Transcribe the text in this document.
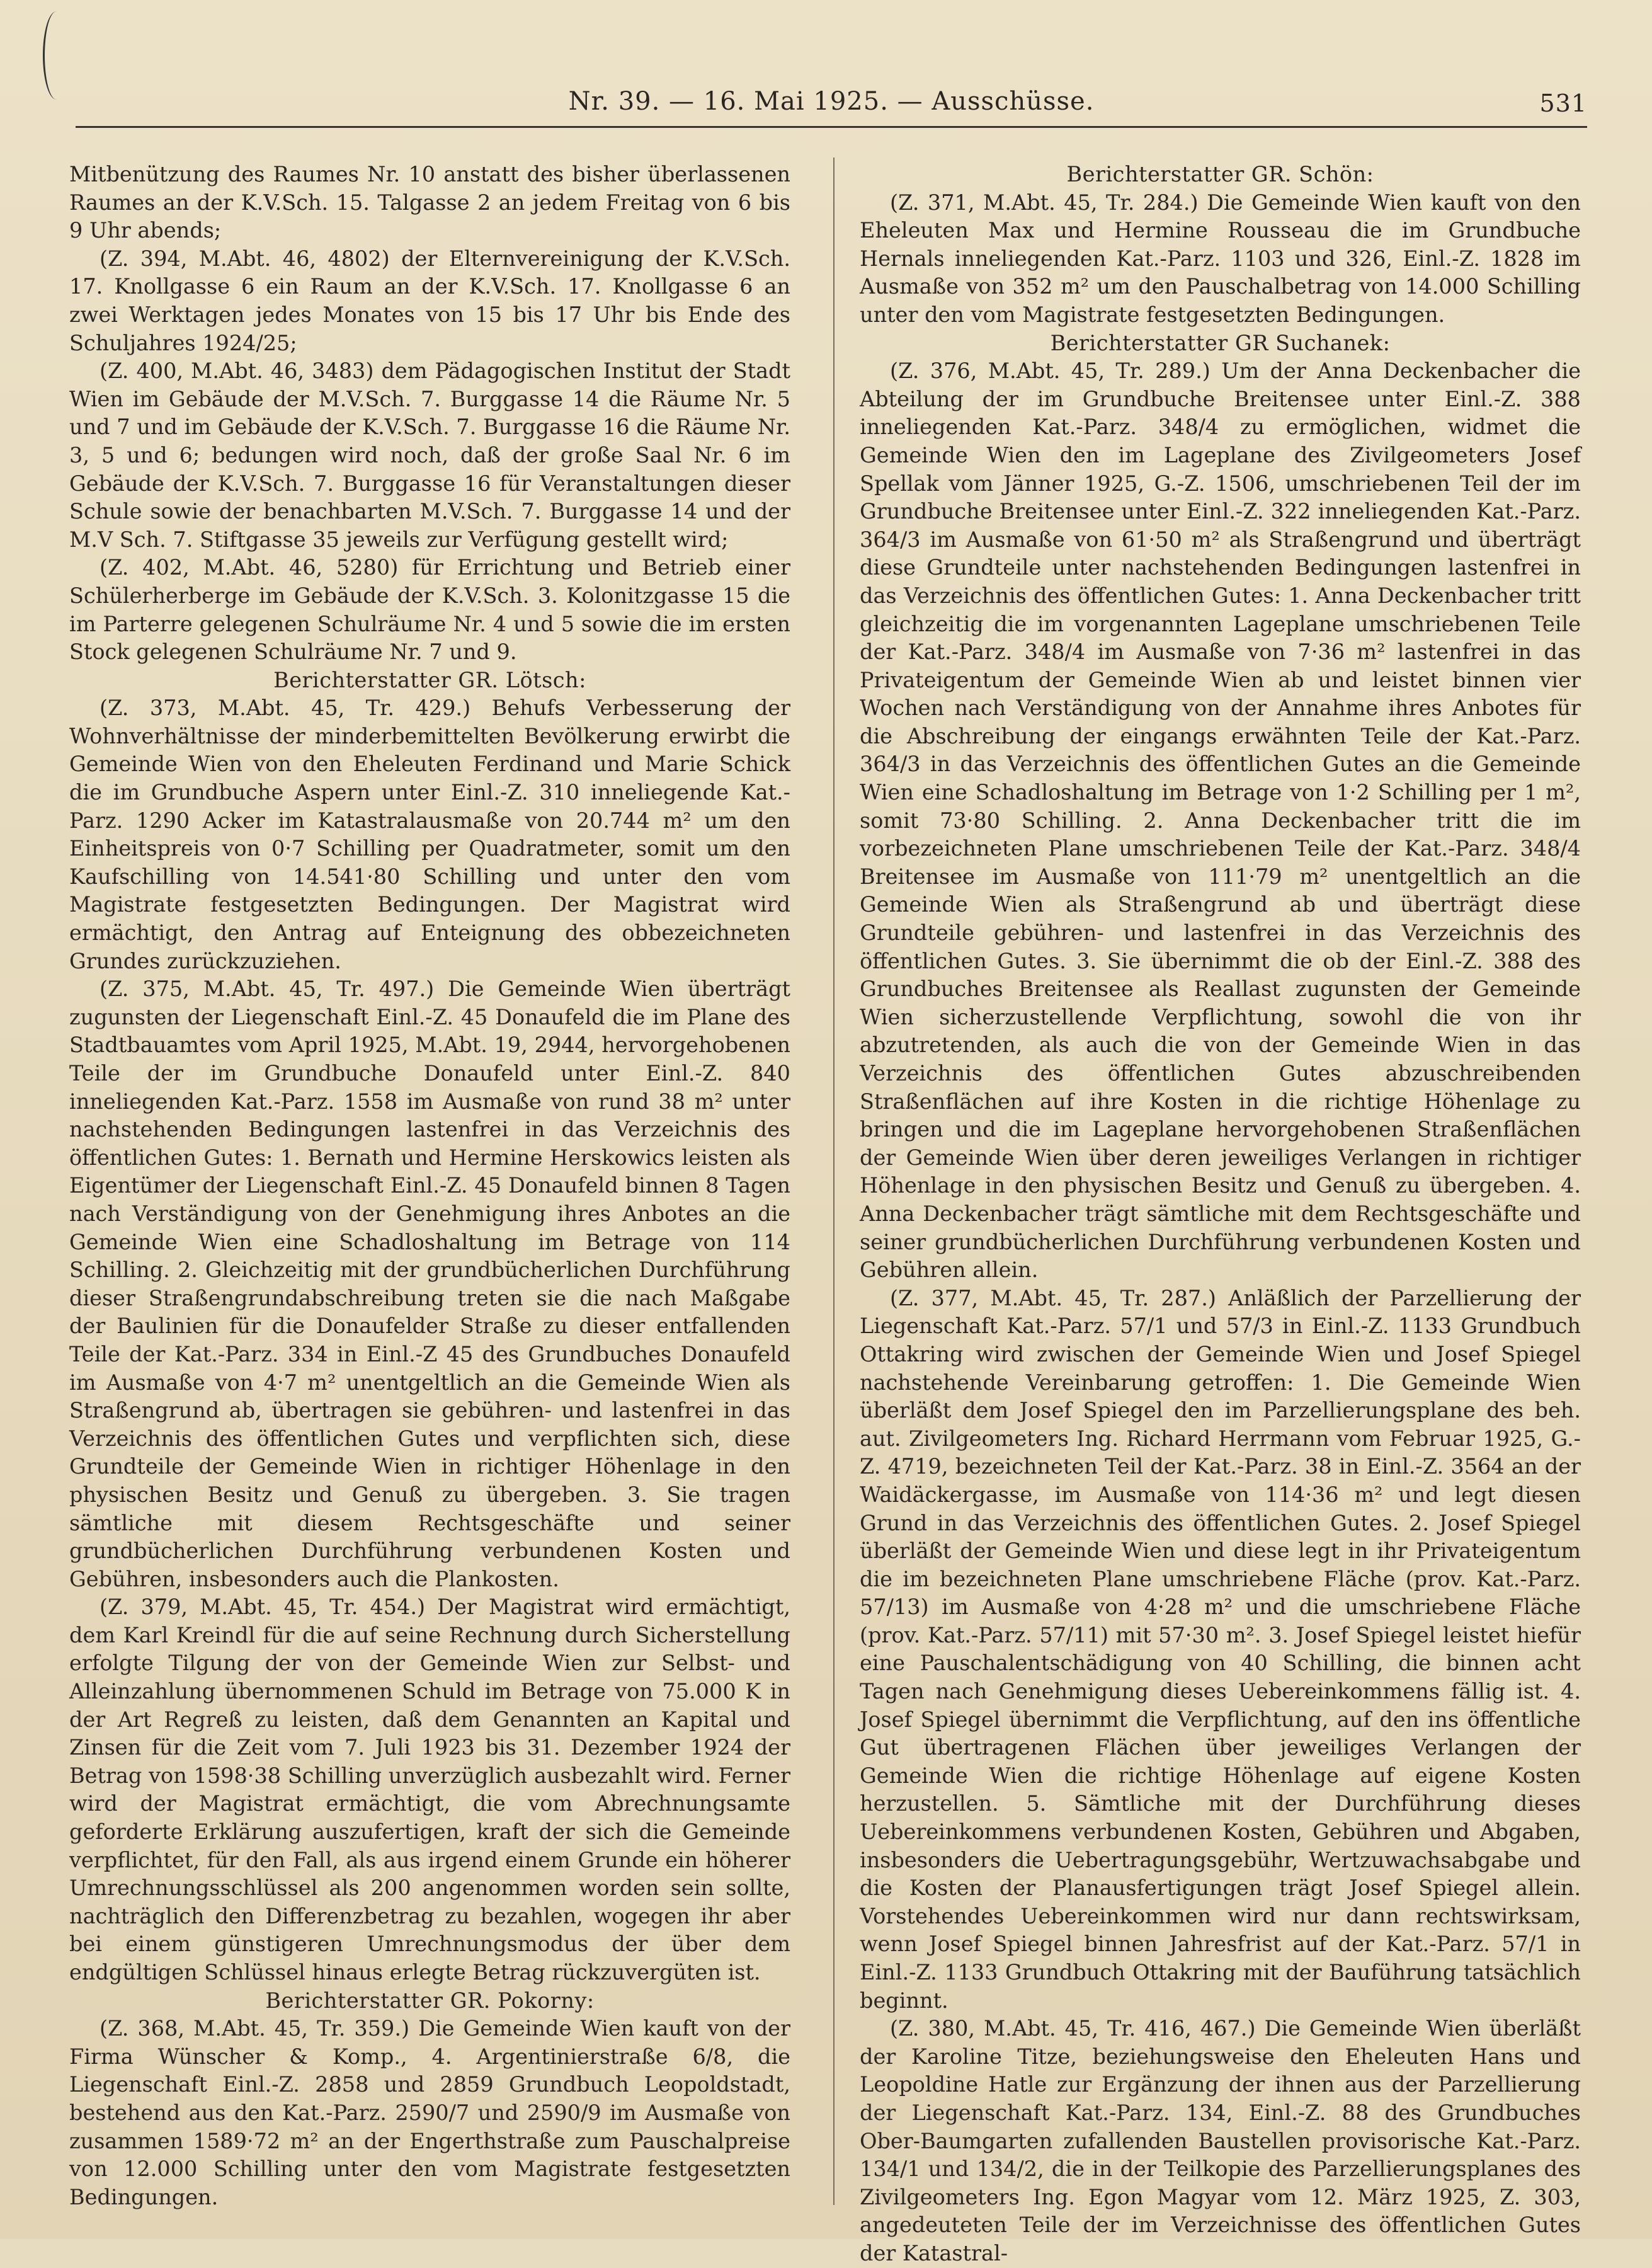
Nr. 39. — 16. Mai 1925. — Ausschüsse.	531

Mitbenützung des Raumes Nr. 10 anstatt des bisher überlassenen Raumes an der K.V.Sch. 15. Talgasse 2 an jedem Freitag von 6 bis 9 Uhr abends;

(Z. 394, M.Abt. 46, 4802) der Elternvereinigung der K.V.Sch. 17. Knollgasse 6 ein Raum an der K.V.Sch. 17. Knollgasse 6 an zwei Werktagen jedes Monates von 15 bis 17 Uhr bis Ende des Schuljahres 1924/25;

(Z. 400, M.Abt. 46, 3483) dem Pädagogischen Institut der Stadt Wien im Gebäude der M.V.Sch. 7. Burggasse 14 die Räume Nr. 5 und 7 und im Gebäude der K.V.Sch. 7. Burggasse 16 die Räume Nr. 3, 5 und 6; bedungen wird noch, daß der große Saal Nr. 6 im Gebäude der K.V.Sch. 7. Burggasse 16 für Veranstaltungen dieser Schule sowie der benachbarten M.V.Sch. 7. Burggasse 14 und der M.V Sch. 7. Stiftgasse 35 jeweils zur Verfügung gestellt wird;

(Z. 402, M.Abt. 46, 5280) für Errichtung und Betrieb einer Schülerherberge im Gebäude der K.V.Sch. 3. Kolonitzgasse 15 die im Parterre gelegenen Schulräume Nr. 4 und 5 sowie die im ersten Stock gelegenen Schulräume Nr. 7 und 9.

Berichterstatter GR. Lötsch:

(Z. 373, M.Abt. 45, Tr. 429.) Behufs Verbesserung der Wohnverhältnisse der minderbemittelten Bevölkerung erwirbt die Gemeinde Wien von den Eheleuten Ferdinand und Marie Schick die im Grundbuche Aspern unter Einl.-Z. 310 inneliegende Kat.-Parz. 1290 Acker im Katastralausmaße von 20.744 m² um den Einheitspreis von 0·7 Schilling per Quadratmeter, somit um den Kaufschilling von 14.541·80 Schilling und unter den vom Magistrate festgesetzten Bedingungen. Der Magistrat wird ermächtigt, den Antrag auf Enteignung des obbezeichneten Grundes zurückzuziehen.

(Z. 375, M.Abt. 45, Tr. 497.) Die Gemeinde Wien überträgt zugunsten der Liegenschaft Einl.-Z. 45 Donaufeld die im Plane des Stadtbauamtes vom April 1925, M.Abt. 19, 2944, hervorgehobenen Teile der im Grundbuche Donaufeld unter Einl.-Z. 840 inneliegenden Kat.-Parz. 1558 im Ausmaße von rund 38 m² unter nachstehenden Bedingungen lastenfrei in das Verzeichnis des öffentlichen Gutes: 1. Bernath und Hermine Herskowics leisten als Eigentümer der Liegenschaft Einl.-Z. 45 Donaufeld binnen 8 Tagen nach Verständigung von der Genehmigung ihres Anbotes an die Gemeinde Wien eine Schadloshaltung im Betrage von 114 Schilling. 2. Gleichzeitig mit der grundbücherlichen Durchführung dieser Straßengrundabschreibung treten sie die nach Maßgabe der Baulinien für die Donaufelder Straße zu dieser entfallenden Teile der Kat.-Parz. 334 in Einl.-Z 45 des Grundbuches Donaufeld im Ausmaße von 4·7 m² unentgeltlich an die Gemeinde Wien als Straßengrund ab, übertragen sie gebühren- und lastenfrei in das Verzeichnis des öffentlichen Gutes und verpflichten sich, diese Grundteile der Gemeinde Wien in richtiger Höhenlage in den physischen Besitz und Genuß zu übergeben. 3. Sie tragen sämtliche mit diesem Rechtsgeschäfte und seiner grundbücherlichen Durchführung verbundenen Kosten und Gebühren, insbesonders auch die Plankosten.

(Z. 379, M.Abt. 45, Tr. 454.) Der Magistrat wird ermächtigt, dem Karl Kreindl für die auf seine Rechnung durch Sicherstellung erfolgte Tilgung der von der Gemeinde Wien zur Selbst- und Alleinzahlung übernommenen Schuld im Betrage von 75.000 K in der Art Regreß zu leisten, daß dem Genannten an Kapital und Zinsen für die Zeit vom 7. Juli 1923 bis 31. Dezember 1924 der Betrag von 1598·38 Schilling unverzüglich ausbezahlt wird. Ferner wird der Magistrat ermächtigt, die vom Abrechnungsamte geforderte Erklärung auszufertigen, kraft der sich die Gemeinde verpflichtet, für den Fall, als aus irgend einem Grunde ein höherer Umrechnungsschlüssel als 200 angenommen worden sein sollte, nachträglich den Differenzbetrag zu bezahlen, wogegen ihr aber bei einem günstigeren Umrechnungsmodus der über dem endgültigen Schlüssel hinaus erlegte Betrag rückzuvergüten ist.

Berichterstatter GR. Pokorny:

(Z. 368, M.Abt. 45, Tr. 359.) Die Gemeinde Wien kauft von der Firma Wünscher & Komp., 4. Argentinierstraße 6/8, die Liegenschaft Einl.-Z. 2858 und 2859 Grundbuch Leopoldstadt, bestehend aus den Kat.-Parz. 2590/7 und 2590/9 im Ausmaße von zusammen 1589·72 m² an der Engerthstraße zum Pauschalpreise von 12.000 Schilling unter den vom Magistrate festgesetzten Bedingungen.

Berichterstatter GR. Schön:

(Z. 371, M.Abt. 45, Tr. 284.) Die Gemeinde Wien kauft von den Eheleuten Max und Hermine Rousseau die im Grundbuche Hernals inneliegenden Kat.-Parz. 1103 und 326, Einl.-Z. 1828 im Ausmaße von 352 m² um den Pauschalbetrag von 14.000 Schilling unter den vom Magistrate festgesetzten Bedingungen.

Berichterstatter GR Suchanek:

(Z. 376, M.Abt. 45, Tr. 289.) Um der Anna Deckenbacher die Abteilung der im Grundbuche Breitensee unter Einl.-Z. 388 inneliegenden Kat.-Parz. 348/4 zu ermöglichen, widmet die Gemeinde Wien den im Lageplane des Zivilgeometers Josef Spellak vom Jänner 1925, G.-Z. 1506, umschriebenen Teil der im Grundbuche Breitensee unter Einl.-Z. 322 inneliegenden Kat.-Parz. 364/3 im Ausmaße von 61·50 m² als Straßengrund und überträgt diese Grundteile unter nachstehenden Bedingungen lastenfrei in das Verzeichnis des öffentlichen Gutes: 1. Anna Deckenbacher tritt gleichzeitig die im vorgenannten Lageplane umschriebenen Teile der Kat.-Parz. 348/4 im Ausmaße von 7·36 m² lastenfrei in das Privateigentum der Gemeinde Wien ab und leistet binnen vier Wochen nach Verständigung von der Annahme ihres Anbotes für die Abschreibung der eingangs erwähnten Teile der Kat.-Parz. 364/3 in das Verzeichnis des öffentlichen Gutes an die Gemeinde Wien eine Schadloshaltung im Betrage von 1·2 Schilling per 1 m², somit 73·80 Schilling. 2. Anna Deckenbacher tritt die im vorbezeichneten Plane umschriebenen Teile der Kat.-Parz. 348/4 Breitensee im Ausmaße von 111·79 m² unentgeltlich an die Gemeinde Wien als Straßengrund ab und überträgt diese Grundteile gebühren- und lastenfrei in das Verzeichnis des öffentlichen Gutes. 3. Sie übernimmt die ob der Einl.-Z. 388 des Grundbuches Breitensee als Reallast zugunsten der Gemeinde Wien sicherzustellende Verpflichtung, sowohl die von ihr abzutretenden, als auch die von der Gemeinde Wien in das Verzeichnis des öffentlichen Gutes abzuschreibenden Straßenflächen auf ihre Kosten in die richtige Höhenlage zu bringen und die im Lageplane hervorgehobenen Straßenflächen der Gemeinde Wien über deren jeweiliges Verlangen in richtiger Höhenlage in den physischen Besitz und Genuß zu übergeben. 4. Anna Deckenbacher trägt sämtliche mit dem Rechtsgeschäfte und seiner grundbücherlichen Durchführung verbundenen Kosten und Gebühren allein.

(Z. 377, M.Abt. 45, Tr. 287.) Anläßlich der Parzellierung der Liegenschaft Kat.-Parz. 57/1 und 57/3 in Einl.-Z. 1133 Grundbuch Ottakring wird zwischen der Gemeinde Wien und Josef Spiegel nachstehende Vereinbarung getroffen: 1. Die Gemeinde Wien überläßt dem Josef Spiegel den im Parzellierungsplane des beh. aut. Zivilgeometers Ing. Richard Herrmann vom Februar 1925, G.-Z. 4719, bezeichneten Teil der Kat.-Parz. 38 in Einl.-Z. 3564 an der Waidäckergasse, im Ausmaße von 114·36 m² und legt diesen Grund in das Verzeichnis des öffentlichen Gutes. 2. Josef Spiegel überläßt der Gemeinde Wien und diese legt in ihr Privateigentum die im bezeichneten Plane umschriebene Fläche (prov. Kat.-Parz. 57/13) im Ausmaße von 4·28 m² und die umschriebene Fläche (prov. Kat.-Parz. 57/11) mit 57·30 m². 3. Josef Spiegel leistet hiefür eine Pauschalentschädigung von 40 Schilling, die binnen acht Tagen nach Genehmigung dieses Uebereinkommens fällig ist. 4. Josef Spiegel übernimmt die Verpflichtung, auf den ins öffentliche Gut übertragenen Flächen über jeweiliges Verlangen der Gemeinde Wien die richtige Höhenlage auf eigene Kosten herzustellen. 5. Sämtliche mit der Durchführung dieses Uebereinkommens verbundenen Kosten, Gebühren und Abgaben, insbesonders die Uebertragungsgebühr, Wertzuwachsabgabe und die Kosten der Planausfertigungen trägt Josef Spiegel allein. Vorstehendes Uebereinkommen wird nur dann rechtswirksam, wenn Josef Spiegel binnen Jahresfrist auf der Kat.-Parz. 57/1 in Einl.-Z. 1133 Grundbuch Ottakring mit der Bauführung tatsächlich beginnt.

(Z. 380, M.Abt. 45, Tr. 416, 467.) Die Gemeinde Wien überläßt der Karoline Titze, beziehungsweise den Eheleuten Hans und Leopoldine Hatle zur Ergänzung der ihnen aus der Parzellierung der Liegenschaft Kat.-Parz. 134, Einl.-Z. 88 des Grundbuches Ober-Baumgarten zufallenden Baustellen provisorische Kat.-Parz. 134/1 und 134/2, die in der Teilkopie des Parzellierungsplanes des Zivilgeometers Ing. Egon Magyar vom 12. März 1925, Z. 303, angedeuteten Teile der im Verzeichnisse des öffentlichen Gutes der Katastral-
